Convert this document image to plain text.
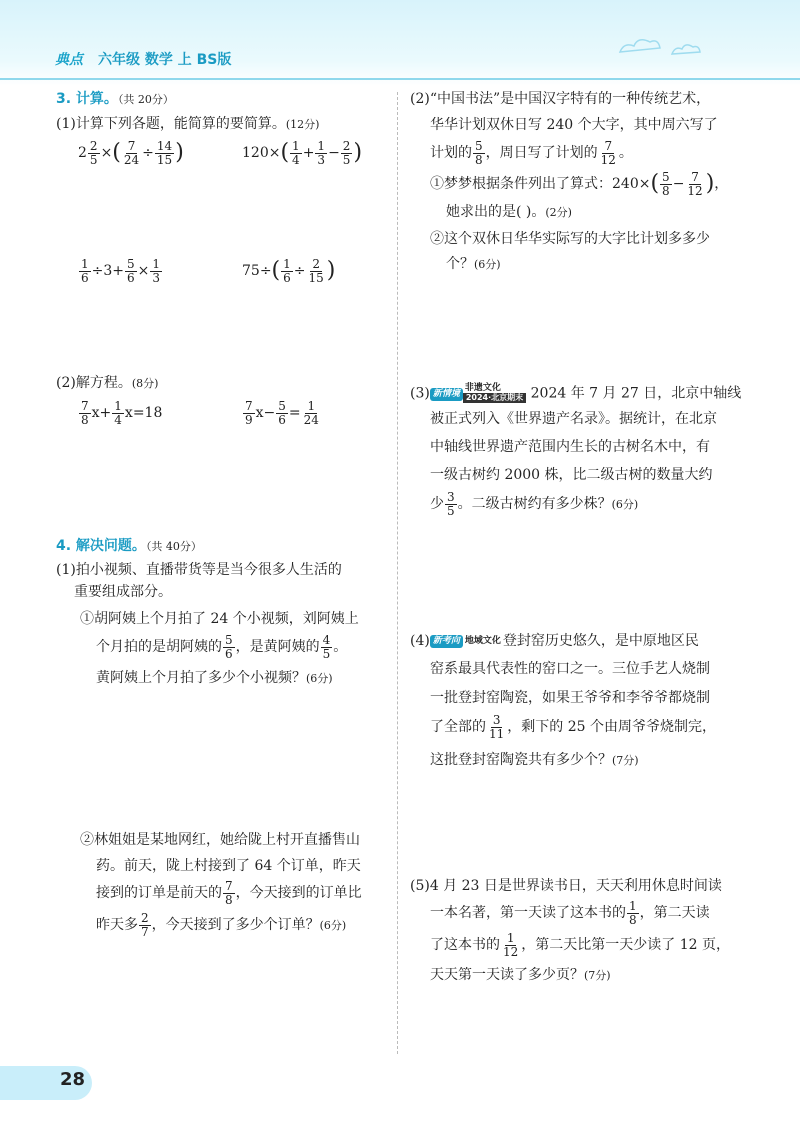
典点 六年级 数学 上 BS版
3. 计算。（共 20分）
(1)计算下列各题，能简算的要简算。(12分)
$2 \frac{2}{5}$ ×( $\frac{7}{24} \div \frac{14}{15}$ )	$120\times( \frac{1}{4} + \frac{1}{3} - \frac{2}{5}$ )
$\frac{1}{6} \div 3+ \frac{5}{6} \times \frac{1}{3}$	$75\div( \frac{1}{6} \div \frac{2}{15}$ )
(2)解方程。(8分)
$\frac{7}{8} x+ \frac{1}{4} x=18$	$\frac{7}{9} x- \frac{5}{6} = \frac{1}{24}$
4. 解决问题。（共 40分）
(1)拍小视频、直播带货等是当今很多人生活的
重要组成部分。
①胡阿姨上个月拍了 24 个小视频，刘阿姨上
个月拍的是胡阿姨的 $\frac{5}{6}$ ，是黄阿姨的 $\frac{4}{5}$ 。
黄阿姨上个月拍了多少个小视频？(6分)
②林姐姐是某地网红，她给陇上村开直播售山
药。前天，陇上村接到了 64 个订单，昨天
接到的订单是前天的 $\frac{7}{8}$ ，今天接到的订单比
昨天多 $\frac{2}{7}$ ，今天接到了多少个订单？(6分)
(2)“中国书法”是中国汉字特有的一种传统艺术，
华华计划双休日写 240 个大字，其中周六写了
计划的 $\frac{5}{8}$ ，周日写了计划的 $\frac{7}{12}$ 。
①梦梦根据条件列出了算式：$240\times( \frac{5}{8} - \frac{7}{12}$ )，
她求出的是( )。(2分)
②这个双休日华华实际写的大字比计划多多少
个？(6分)
(3) 新情境
非遗文化
2024·北京期末 2024 年 7 月 27 日，北京中轴线
被正式列入《世界遗产名录》。据统计，在北京
中轴线世界遗产范围内生长的古树名木中，有
一级古树约 2000 株，比二级古树的数量大约
少 $\frac{3}{5}$ 。二级古树约有多少株？(6分)
(4) 新考向 地域文化 登封窑历史悠久，是中原地区民
窑系最具代表性的窑口之一。三位手艺人烧制
一批登封窑陶瓷，如果王爷爷和李爷爷都烧制
了全部的 $\frac{3}{11}$ ，剩下的 25 个由周爷爷烧制完，
这批登封窑陶瓷共有多少个？(7分)
(5)4 月 23 日是世界读书日，天天利用休息时间读
一本名著，第一天读了这本书的 $\frac{1}{8}$ ，第二天读
了这本书的 $\frac{1}{12}$ ，第二天比第一天少读了 12 页，
天天第一天读了多少页？(7分)
28
